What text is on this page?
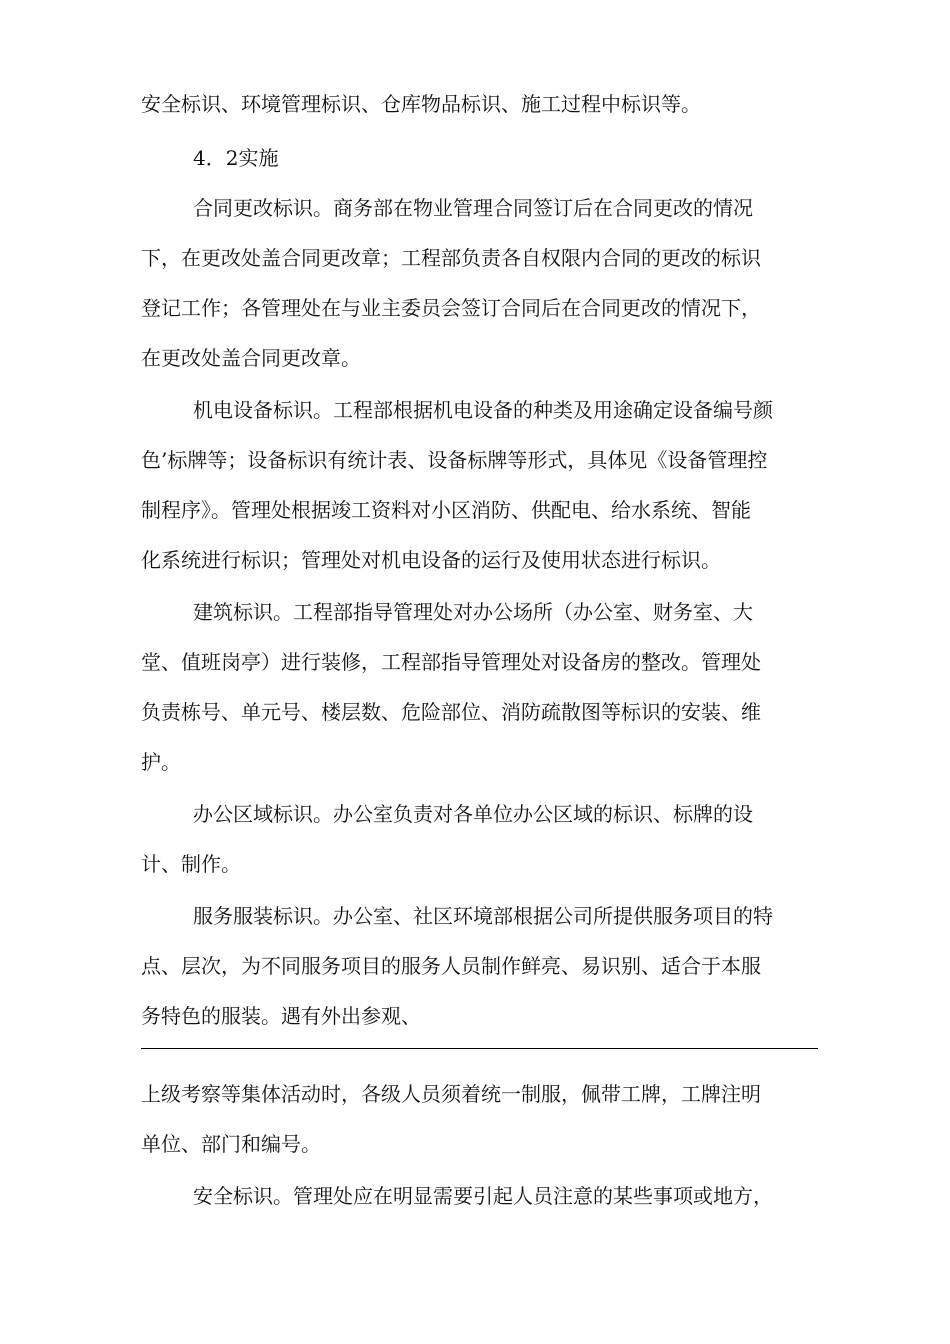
安全标识、环境管理标识、仓库物品标识、施工过程中标识等。
4．2实施
合同更改标识。商务部在物业管理合同签订后在合同更改的情况
下，在更改处盖合同更改章；工程部负责各自权限内合同的更改的标识
登记工作；各管理处在与业主委员会签订合同后在合同更改的情况下，
在更改处盖合同更改章。
机电设备标识。工程部根据机电设备的种类及用途确定设备编号颜
色’标牌等；设备标识有统计表、设备标牌等形式，具体见《设备管理控
制程序》。管理处根据竣工资料对小区消防、供配电、给水系统、智能
化系统进行标识；管理处对机电设备的运行及使用状态进行标识。
建筑标识。工程部指导管理处对办公场所（办公室、财务室、大
堂、值班岗亭）进行装修，工程部指导管理处对设备房的整改。管理处
负责栋号、单元号、楼层数、危险部位、消防疏散图等标识的安装、维
护。
办公区域标识。办公室负责对各单位办公区域的标识、标牌的设
计、制作。
服务服装标识。办公室、社区环境部根据公司所提供服务项目的特
点、层次，为不同服务项目的服务人员制作鲜亮、易识别、适合于本服
务特色的服装。遇有外出参观、
上级考察等集体活动时，各级人员须着统一制服，佩带工牌，工牌注明
单位、部门和编号。
安全标识。管理处应在明显需要引起人员注意的某些事项或地方，
